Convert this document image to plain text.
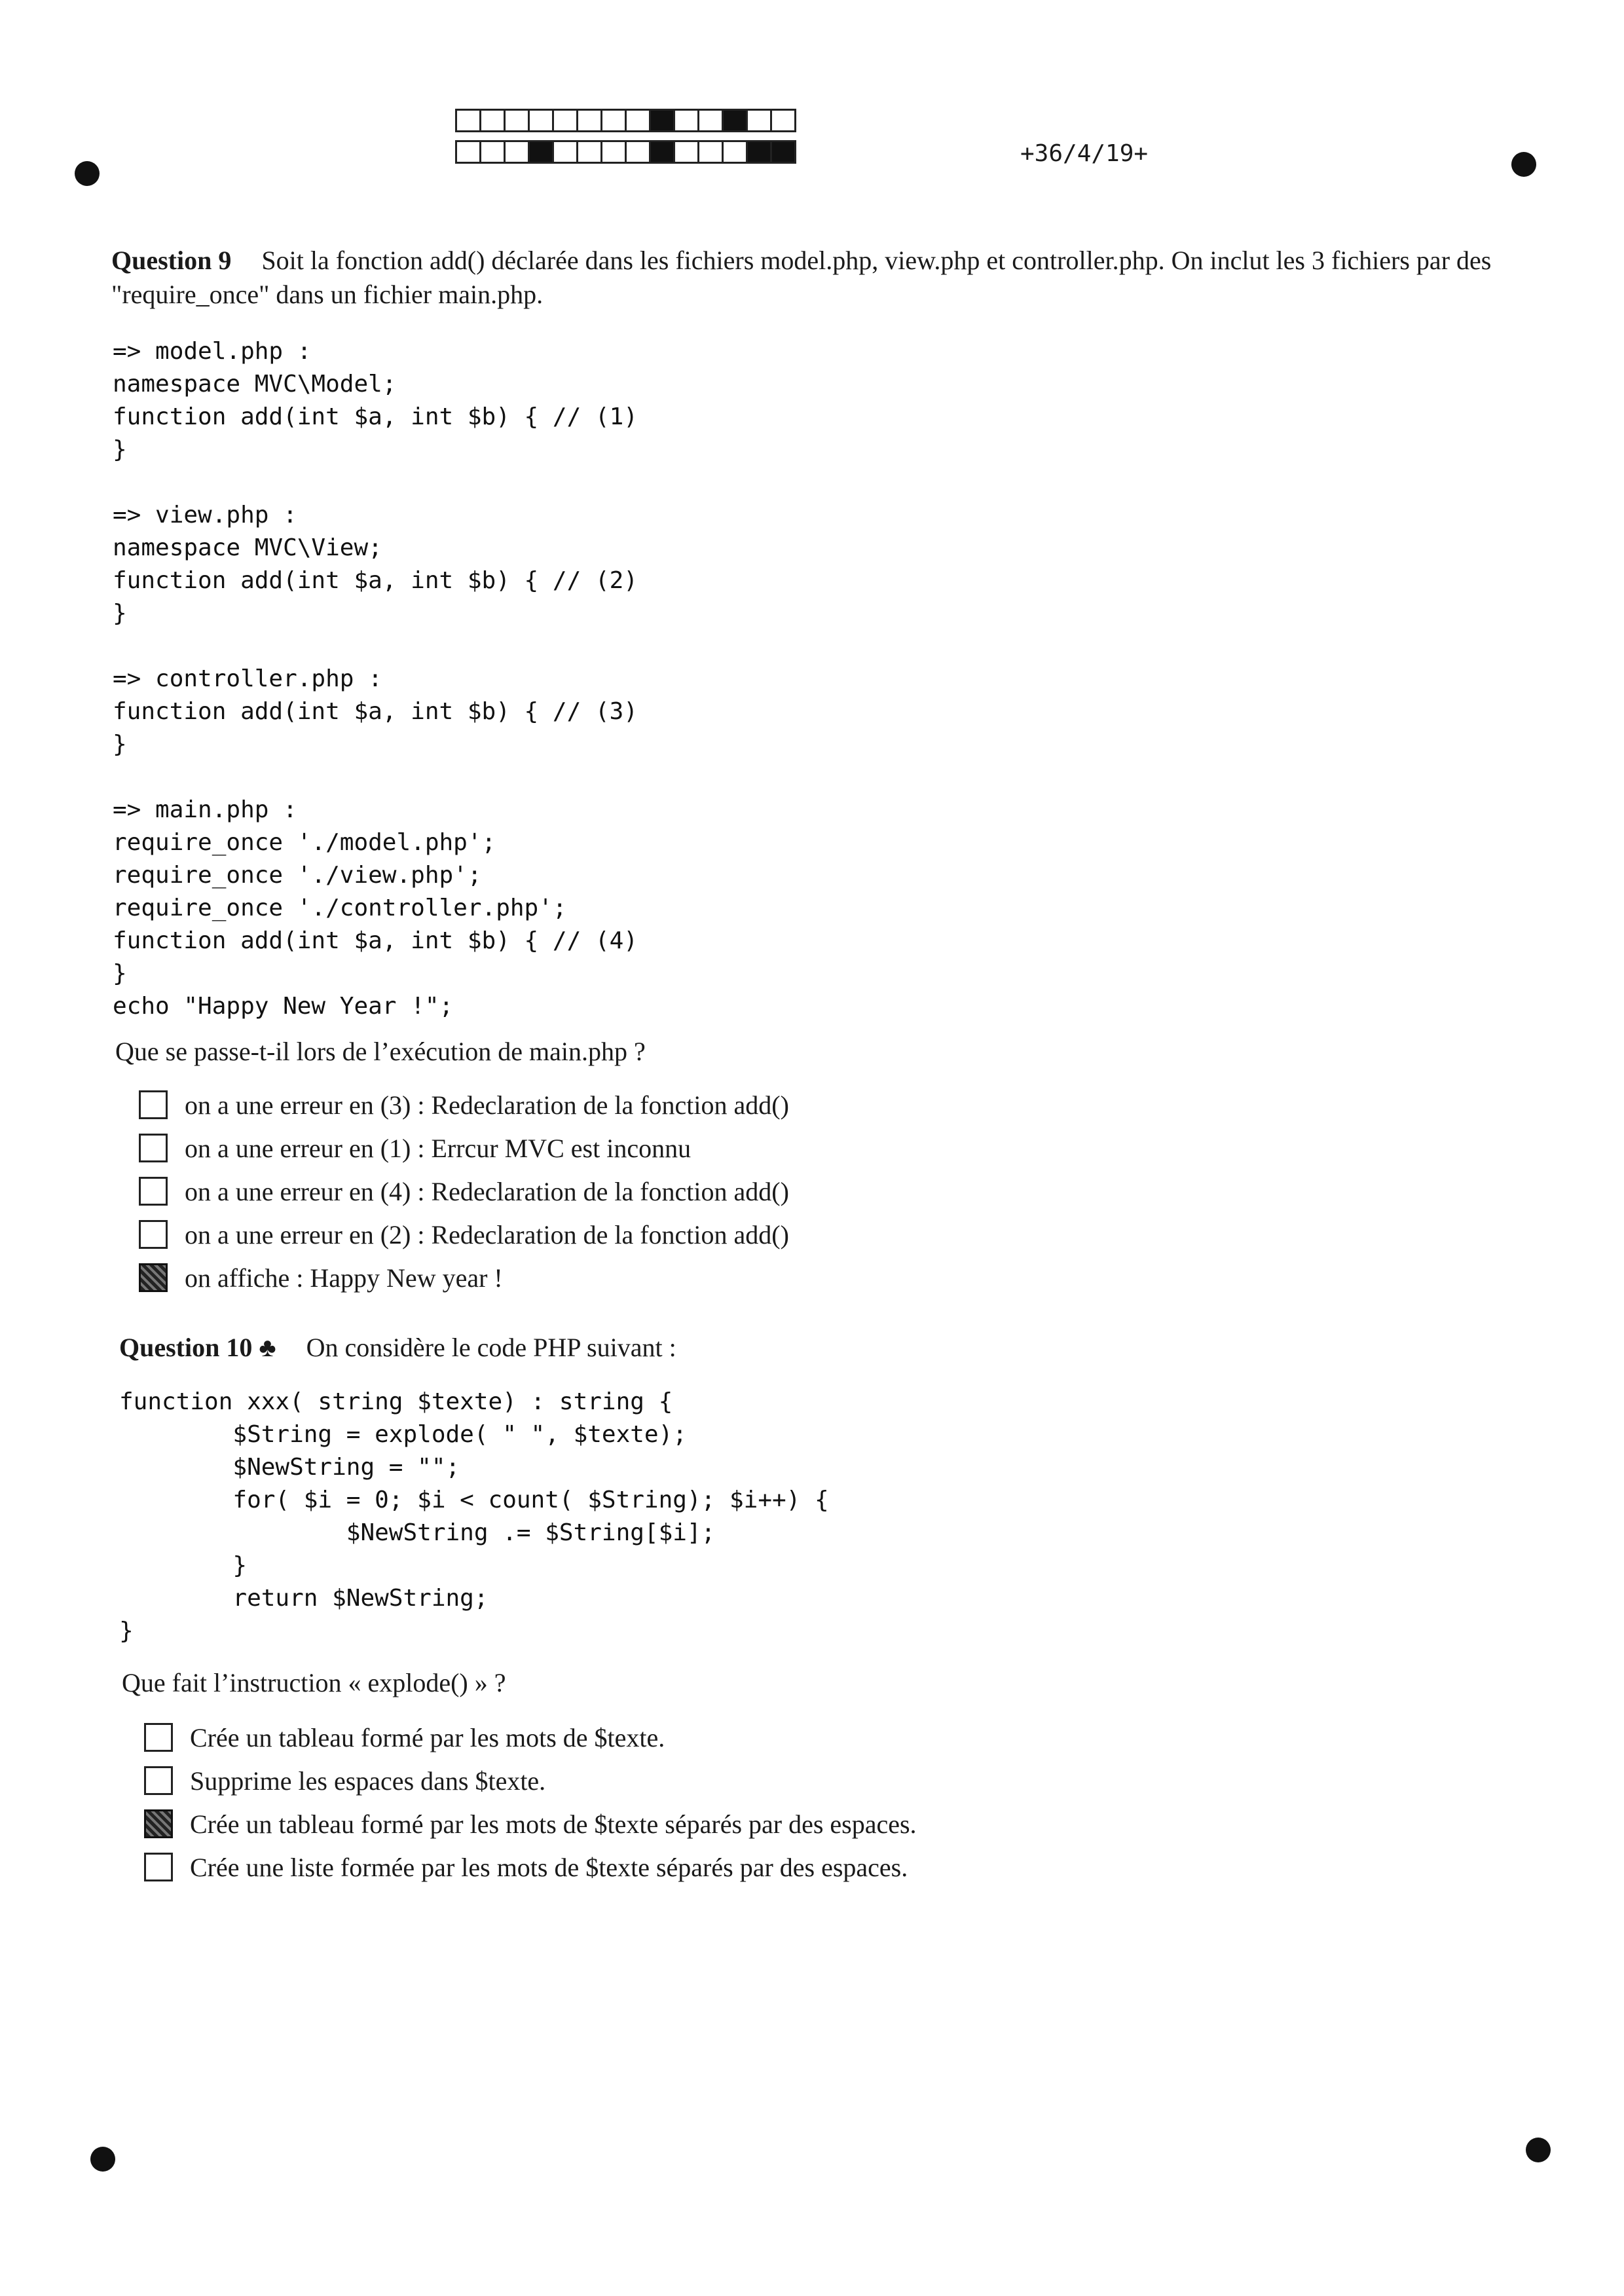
+36/4/19+
Question 9 Soit la fonction add() déclarée dans les fichiers model.php, view.php et controller.php. On inclut les 3 fichiers par des "require_once" dans un fichier main.php.
=> model.php :
namespace MVC\Model;
function add(int $a, int $b) { // (1)
}

=> view.php :
namespace MVC\View;
function add(int $a, int $b) { // (2)
}

=> controller.php :
function add(int $a, int $b) { // (3)
}

=> main.php :
require_once './model.php';
require_once './view.php';
require_once './controller.php';
function add(int $a, int $b) { // (4)
}
echo "Happy New Year !";
Que se passe-t-il lors de l’exécution de main.php ?
on a une erreur en (3) : Redeclaration de la fonction add()
on a une erreur en (1) : Errcur MVC est inconnu
on a une erreur en (4) : Redeclaration de la fonction add()
on a une erreur en (2) : Redeclaration de la fonction add()
on affiche : Happy New year !
Question 10 ♣ On considère le code PHP suivant :
function xxx( string $texte) : string {
$String = explode( " ", $texte);
$NewString = "";
for( $i = 0; $i < count( $String); $i++) {
$NewString .= $String[$i];
}
return $NewString;
}
Que fait l’instruction « explode() » ?
Crée un tableau formé par les mots de $texte.
Supprime les espaces dans $texte.
Crée un tableau formé par les mots de $texte séparés par des espaces.
Crée une liste formée par les mots de $texte séparés par des espaces.
